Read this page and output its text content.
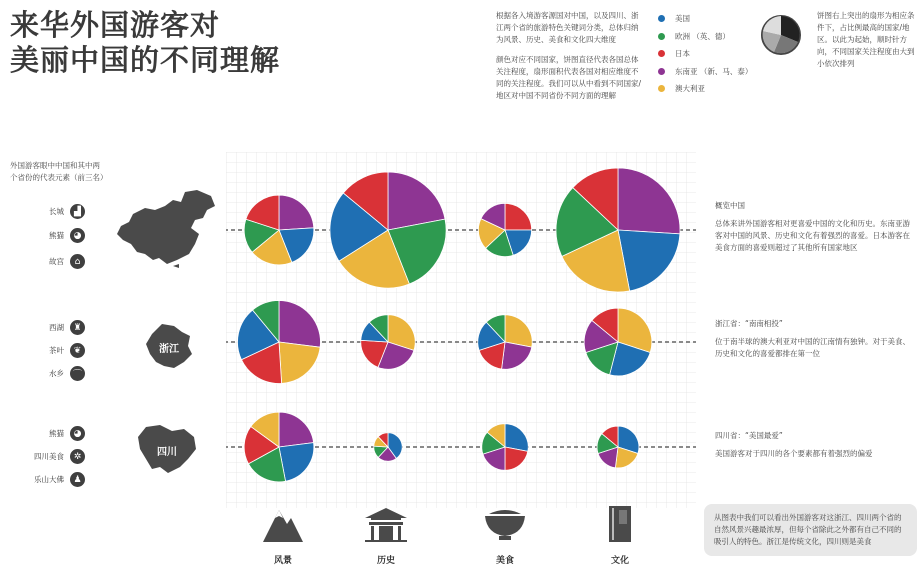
来华外国游客对
美丽中国的不同理解

根据各入境游客源国对中国，以及四川、浙江两个省的旅游特色关键词分类，总体归纳为风景、历史、美食和文化四大维度

颜色对应不同国家，饼图直径代表各国总体关注程度，扇形面积代表各国对相应维度不同的关注程度。我们可以从中看到不同国家/地区对中国不同省份不同方面的理解

美国
欧洲 （英、德）
日本
东南亚 （新、马、泰）
澳大利亚
饼图右上突出的扇形为相应条件下，占比例最高的国家/地区。以此为起始，顺时针方向，不同国家关注程度由大到小依次排列
外国游客眼中中国和其中两个省份的代表元素（前三名）
浙江
四川
长城 ▟
熊猫 ◕
故宫 ⌂
西湖 ♜
茶叶 ❦
水乡 ⌒
熊猫 ◕
四川美食 ✲
乐山大佛 ♟
风景	历史	美食	文化
概览中国
总体来讲外国游客相对更喜爱中国的文化和历史。东南亚游客对中国的风景、历史和文化有着强烈的喜爱。日本游客在美食方面的喜爱则超过了其他所有国家地区
浙江省：“南南相投”
位于南半球的澳大利亚对中国的江南情有独钟。对于美食、历史和文化的喜爱都排在第一位
四川省：“美国最爱”
美国游客对于四川的各个要素都有着强烈的偏爱
从图表中我们可以看出外国游客对这浙江、四川两个省的自然风景兴趣最浓厚，但每个省除此之外都有自己不同的吸引人的特色。浙江是传统文化，四川则是美食
